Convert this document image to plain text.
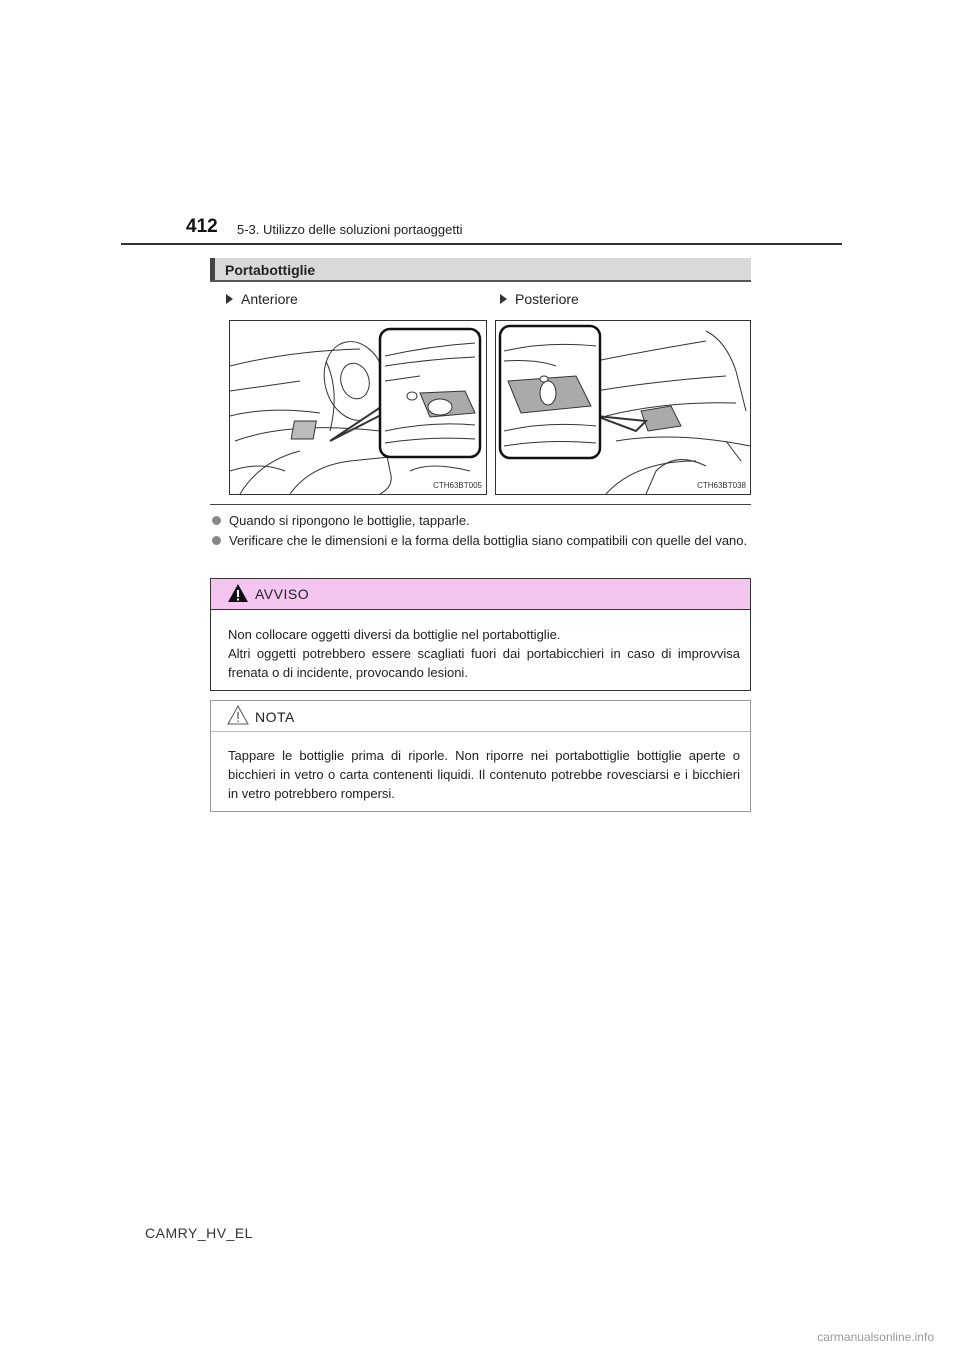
412 5-3. Utilizzo delle soluzioni portaoggetti
Portabottiglie
Anteriore	Posteriore
CTH63BT005	CTH63BT038
Quando si ripongono le bottiglie, tapparle.
Verificare che le dimensioni e la forma della bottiglia siano compatibili con quelle del vano.
AVVISO
Non collocare oggetti diversi da bottiglie nel portabottiglie.
Altri oggetti potrebbero essere scagliati fuori dai portabicchieri in caso di improvvisa frenata o di incidente, provocando lesioni.
NOTA
Tappare le bottiglie prima di riporle. Non riporre nei portabottiglie bottiglie aperte o bicchieri in vetro o carta contenenti liquidi. Il contenuto potrebbe rovesciarsi e i bicchieri in vetro potrebbero rompersi.
CAMRY_HV_EL
carmanualsonline.info
